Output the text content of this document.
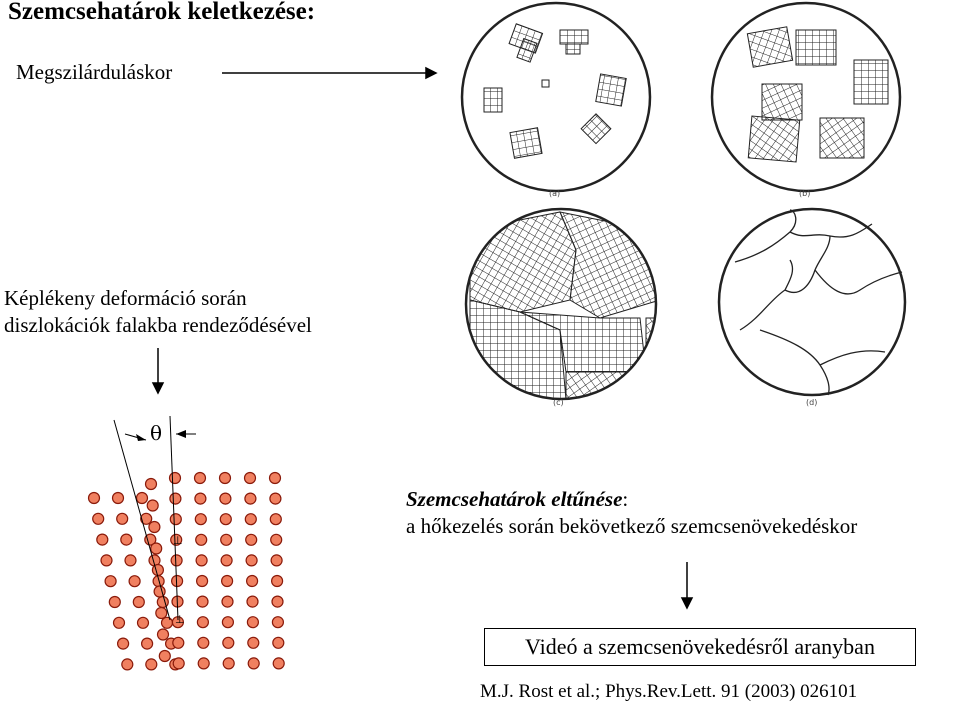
Szemcsehatárok keletkezése:
Megszilárduláskor
Képlékeny deformáció során
diszlokációk falakba rendeződésével
Szemcsehatárok eltűnése:
a hőkezelés során bekövetkező szemcsenövekedéskor
Videó a szemcsenövekedésről aranyban
M.J. Rost et al.; Phys.Rev.Lett. 91 (2003) 026101
(a)	(b)
(c)	(d)
θ
⊥
⊥
